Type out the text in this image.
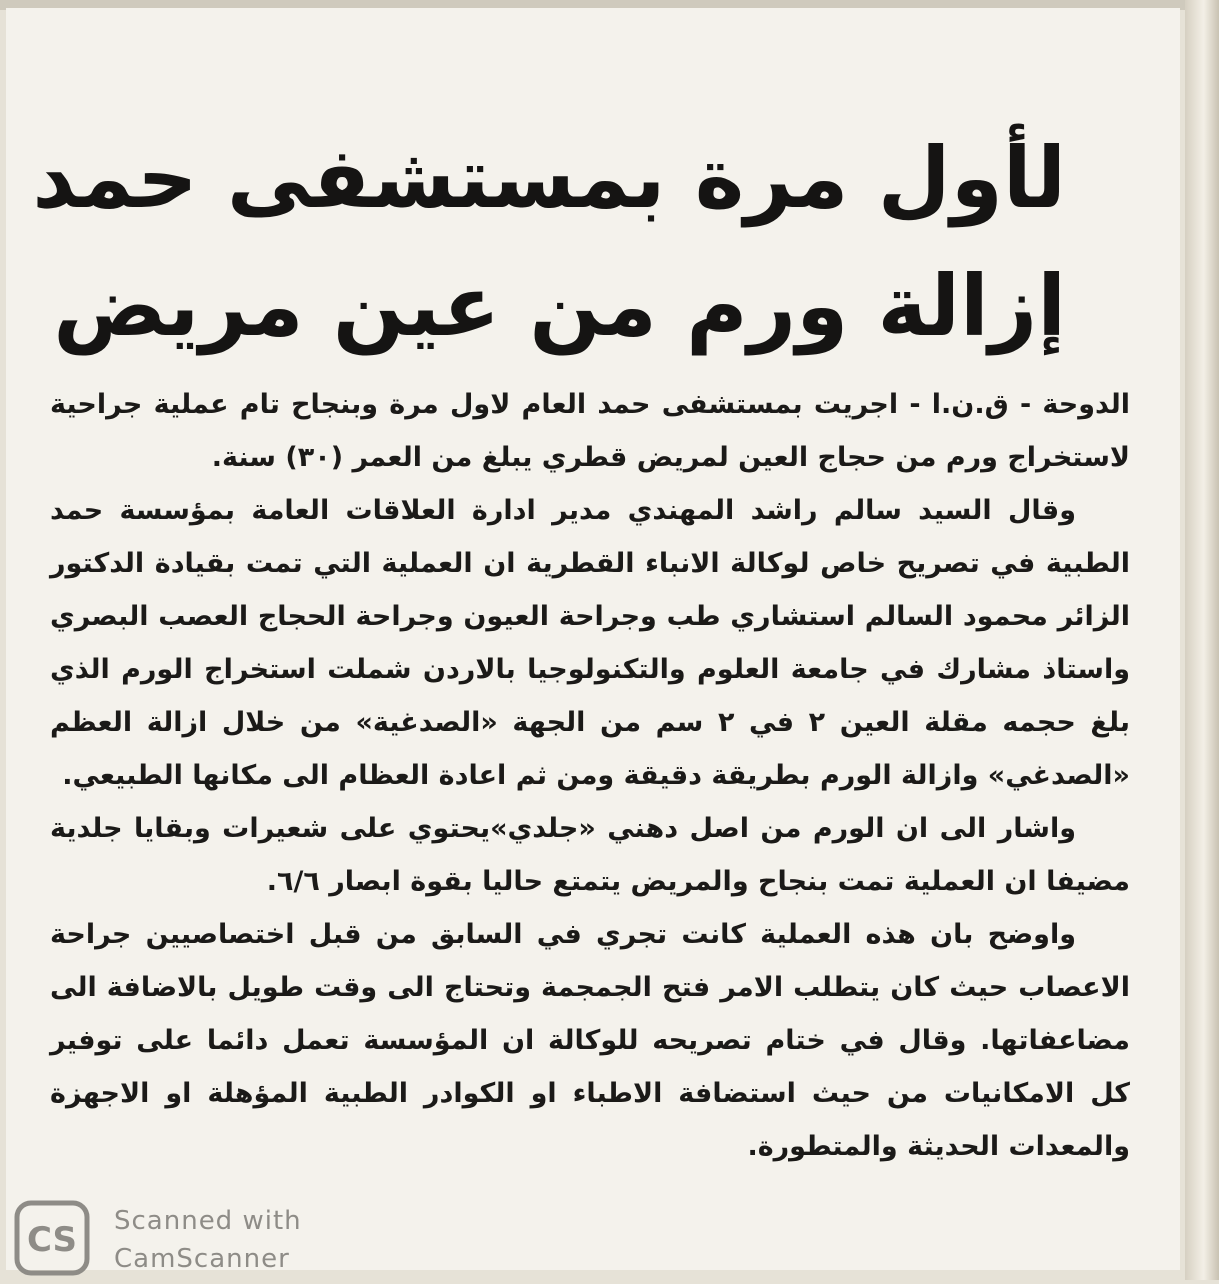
لأول مرة بمستشفى حمد
إزالة ورم من عين مريض

الدوحة - ق.ن.ا - اجريت بمستشفى حمد العام لاول مرة وبنجاح تام عملية جراحية لاستخراج ورم من حجاج العين لمريض قطري يبلغ من العمر (٣٠) سنة.

وقال السيد سالم راشد المهندي مدير ادارة العلاقات العامة بمؤسسة حمد الطبية في تصريح خاص لوكالة الانباء القطرية ان العملية التي تمت بقيادة الدكتور الزائر محمود السالم استشاري طب وجراحة العيون وجراحة الحجاج العصب البصري واستاذ مشارك في جامعة العلوم والتكنولوجيا بالاردن شملت استخراج الورم الذي بلغ حجمه مقلة العين ٢ في ٢ سم من الجهة «الصدغية» من خلال ازالة العظم «الصدغي» وازالة الورم بطريقة دقيقة ومن ثم اعادة العظام الى مكانها الطبيعي.

واشار الى ان الورم من اصل دهني «جلدي»يحتوي على شعيرات وبقايا جلدية مضيفا ان العملية تمت بنجاح والمريض يتمتع حاليا بقوة ابصار ٦/٦.

واوضح بان هذه العملية كانت تجري في السابق من قبل اختصاصيين جراحة الاعصاب حيث كان يتطلب الامر فتح الجمجمة وتحتاج الى وقت طويل بالاضافة الى مضاعفاتها. وقال في ختام تصريحه للوكالة ان المؤسسة تعمل دائما على توفير كل الامكانيات من حيث استضافة الاطباء او الكوادر الطبية المؤهلة او الاجهزة والمعدات الحديثة والمتطورة.

CS Scanned with
CamScanner
